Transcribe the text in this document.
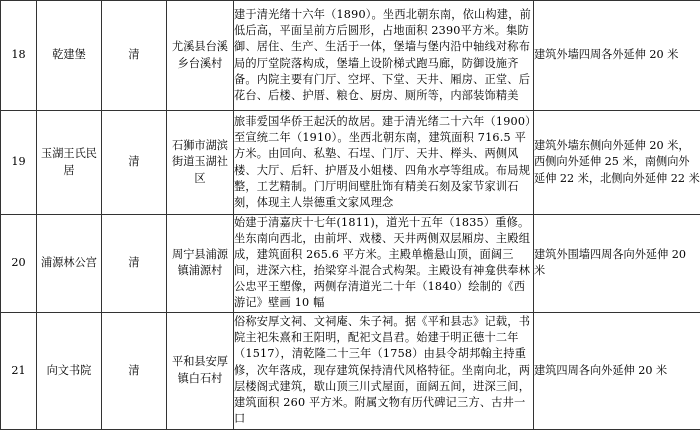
18	乾建堡	清	尤溪县台溪乡台溪村	建于清光绪十六年（1890）。坐西北朝东南，依山构建，前低后高，平面呈前方后圆形，占地面积 2390平方米。集防御、居住、生产、生活于一体，堡墙与堡内沿中轴线对称布局的厅堂院落构成，堡墙上设阶梯式跑马廊，防御设施齐备。内院主要有门厅、空坪、下堂、天井、厢房、正堂、后花台、后楼、护厝、粮仓、厨房、厕所等，内部装饰精美	建筑外墙四周各外延伸 20 米

19	玉湖王氏民居	清	石狮市湖滨街道玉湖社区	旅菲爱国华侨王起沃的故居。建于清光绪二十六年（1900）至宣统二年（1910）。坐西北朝东南，建筑面积 716.5 平方米。由回向、私塾、石埕、门厅、天井、榉头、两侧风楼、大厅、后轩、护厝及小姐楼、四角水亭等组成。布局规整，工艺精制。门厅明间壁肚饰有精美石刻及家节家训石刻，体现主人崇德重文家风理念	建筑外墙东侧向外延伸 20 米，西侧向外延伸 25 米，南侧向外延伸 22 米，北侧向外延伸 22 米

20	浦源林公宫	清	周宁县浦源镇浦源村	始建于清嘉庆十七年(1811)，道光十五年（1835）重修。坐东南向西北，由前坪、戏楼、天井两侧双层厢房、主殿组成，建筑面积 265.6 平方米。主殿单檐悬山顶，面阔三间，进深六柱，抬梁穿斗混合式构架。主殿设有神龛供奉林公忠平王塑像，两侧存清道光二十年（1840）绘制的《西游记》壁画 10 幅	建筑外围墙四周各向外延伸 20 米

21	向文书院	清	平和县安厚镇白石村	俗称安厚文祠、文祠庵、朱子祠。据《平和县志》记载，书院主祀朱熹和王阳明，配祀文昌君。始建于明正德十二年（1517），清乾隆二十三年（1758）由县令胡邦翰主持重修，次年落成，现存建筑保持清代风格特征。坐南向北，两层楼阁式建筑，歇山顶三川式屋面，面阔五间，进深三间，建筑面积 260 平方米。附属文物有历代碑记三方、古井一口	建筑四周各向外延伸 20 米
